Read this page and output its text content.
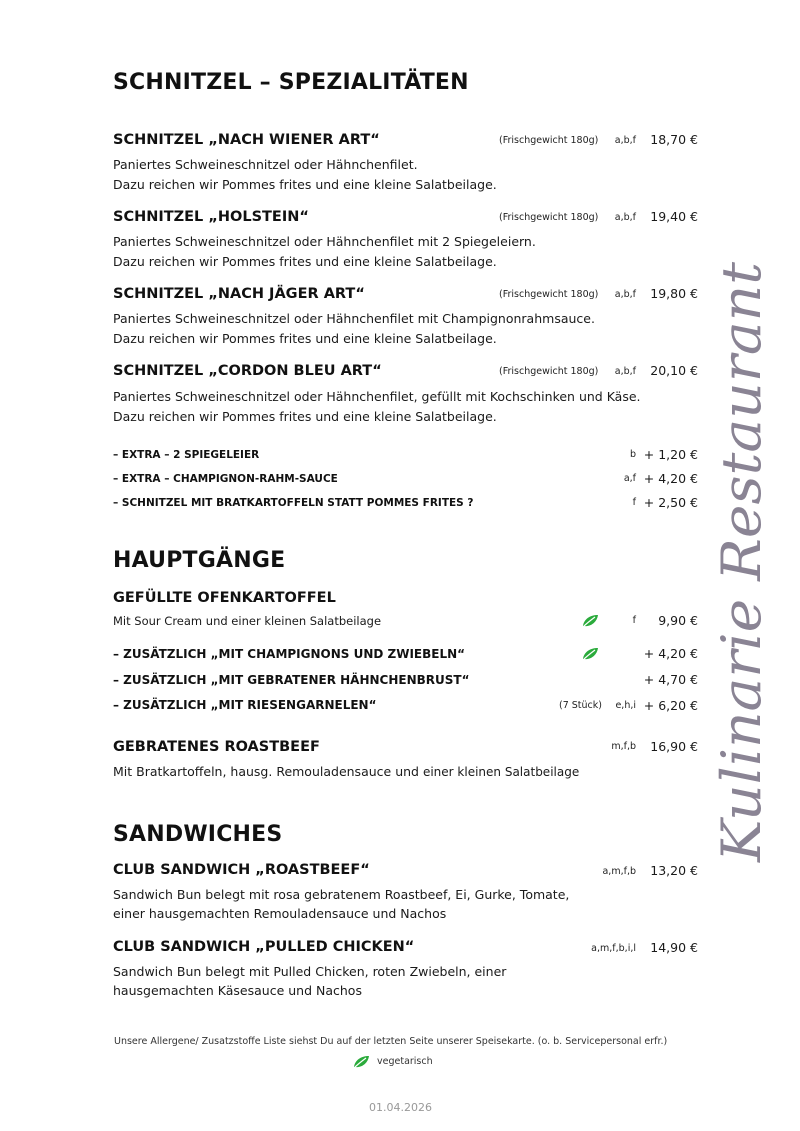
SCHNITZEL – SPEZIALITÄTEN
SCHNITZEL „NACH WIENER ART“	(Frischgewicht 180g)	a,b,f	18,70 €
Paniertes Schweineschnitzel oder Hähnchenfilet.
Dazu reichen wir Pommes frites und eine kleine Salatbeilage.
SCHNITZEL „HOLSTEIN“	(Frischgewicht 180g)	a,b,f	19,40 €
Paniertes Schweineschnitzel oder Hähnchenfilet mit 2 Spiegeleiern.
Dazu reichen wir Pommes frites und eine kleine Salatbeilage.
SCHNITZEL „NACH JÄGER ART“	(Frischgewicht 180g)	a,b,f	19,80 €
Paniertes Schweineschnitzel oder Hähnchenfilet mit Champignonrahmsauce.
Dazu reichen wir Pommes frites und eine kleine Salatbeilage.
SCHNITZEL „CORDON BLEU ART“	(Frischgewicht 180g)	a,b,f	20,10 €
Paniertes Schweineschnitzel oder Hähnchenfilet, gefüllt mit Kochschinken und Käse.
Dazu reichen wir Pommes frites und eine kleine Salatbeilage.
– EXTRA – 2 SPIEGELEIER	b + 1,20 €
– EXTRA – CHAMPIGNON-RAHM-SAUCE	a,f + 4,20 €
– SCHNITZEL MIT BRATKARTOFFELN STATT POMMES FRITES ?	f + 2,50 €
HAUPTGÄNGE
GEFÜLLTE OFENKARTOFFEL
Mit Sour Cream und einer kleinen Salatbeilage	f	9,90 €
– ZUSÄTZLICH „MIT CHAMPIGNONS UND ZWIEBELN“	+ 4,20 €
– ZUSÄTZLICH „MIT GEBRATENER HÄHNCHENBRUST“	+ 4,70 €
– ZUSÄTZLICH „MIT RIESENGARNELEN“	(7 Stück)	e,h,i + 6,20 €
GEBRATENES ROASTBEEF	m,f,b	16,90 €
Mit Bratkartoffeln, hausg. Remouladensauce und einer kleinen Salatbeilage
SANDWICHES
CLUB SANDWICH „ROASTBEEF“	a,m,f,b	13,20 €
Sandwich Bun belegt mit rosa gebratenem Roastbeef, Ei, Gurke, Tomate,
einer hausgemachten Remouladensauce und Nachos
CLUB SANDWICH „PULLED CHICKEN“	a,m,f,b,i,l	14,90 €
Sandwich Bun belegt mit Pulled Chicken, roten Zwiebeln, einer
hausgemachten Käsesauce und Nachos
Unsere Allergene/ Zusatzstoffe Liste siehst Du auf der letzten Seite unserer Speisekarte. (o. b. Servicepersonal erfr.)
vegetarisch
01.04.2026
Kulinarie Restaurant
